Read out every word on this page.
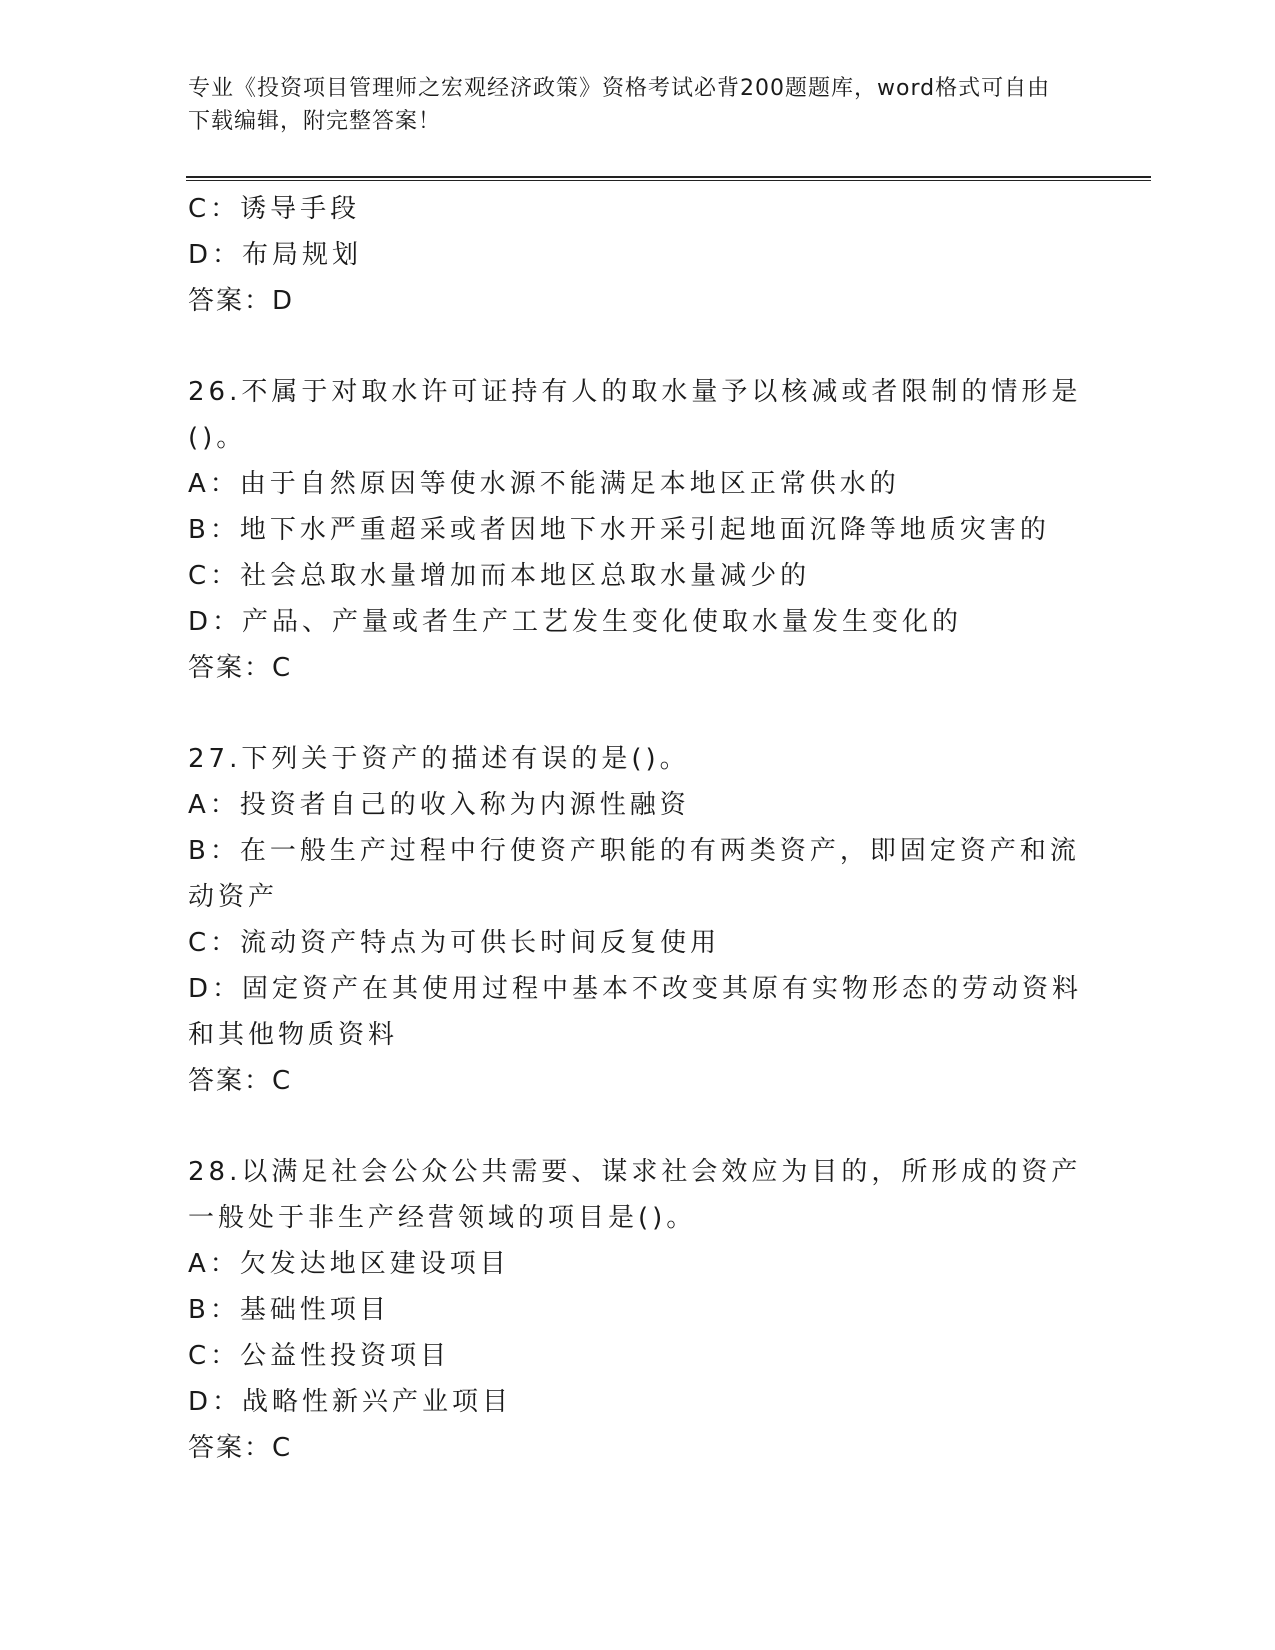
专业《投资项目管理师之宏观经济政策》资格考试必背200题题库，word格式可自由下载编辑，附完整答案！
C：诱导手段
D：布局规划
答案：D
26.不属于对取水许可证持有人的取水量予以核减或者限制的情形是()。
A：由于自然原因等使水源不能满足本地区正常供水的
B：地下水严重超采或者因地下水开采引起地面沉降等地质灾害的
C：社会总取水量增加而本地区总取水量减少的
D：产品、产量或者生产工艺发生变化使取水量发生变化的
答案：C
27.下列关于资产的描述有误的是()。
A：投资者自己的收入称为内源性融资
B：在一般生产过程中行使资产职能的有两类资产，即固定资产和流动资产
C：流动资产特点为可供长时间反复使用
D：固定资产在其使用过程中基本不改变其原有实物形态的劳动资料和其他物质资料
答案：C
28.以满足社会公众公共需要、谋求社会效应为目的，所形成的资产一般处于非生产经营领域的项目是()。
A：欠发达地区建设项目
B：基础性项目
C：公益性投资项目
D：战略性新兴产业项目
答案：C
